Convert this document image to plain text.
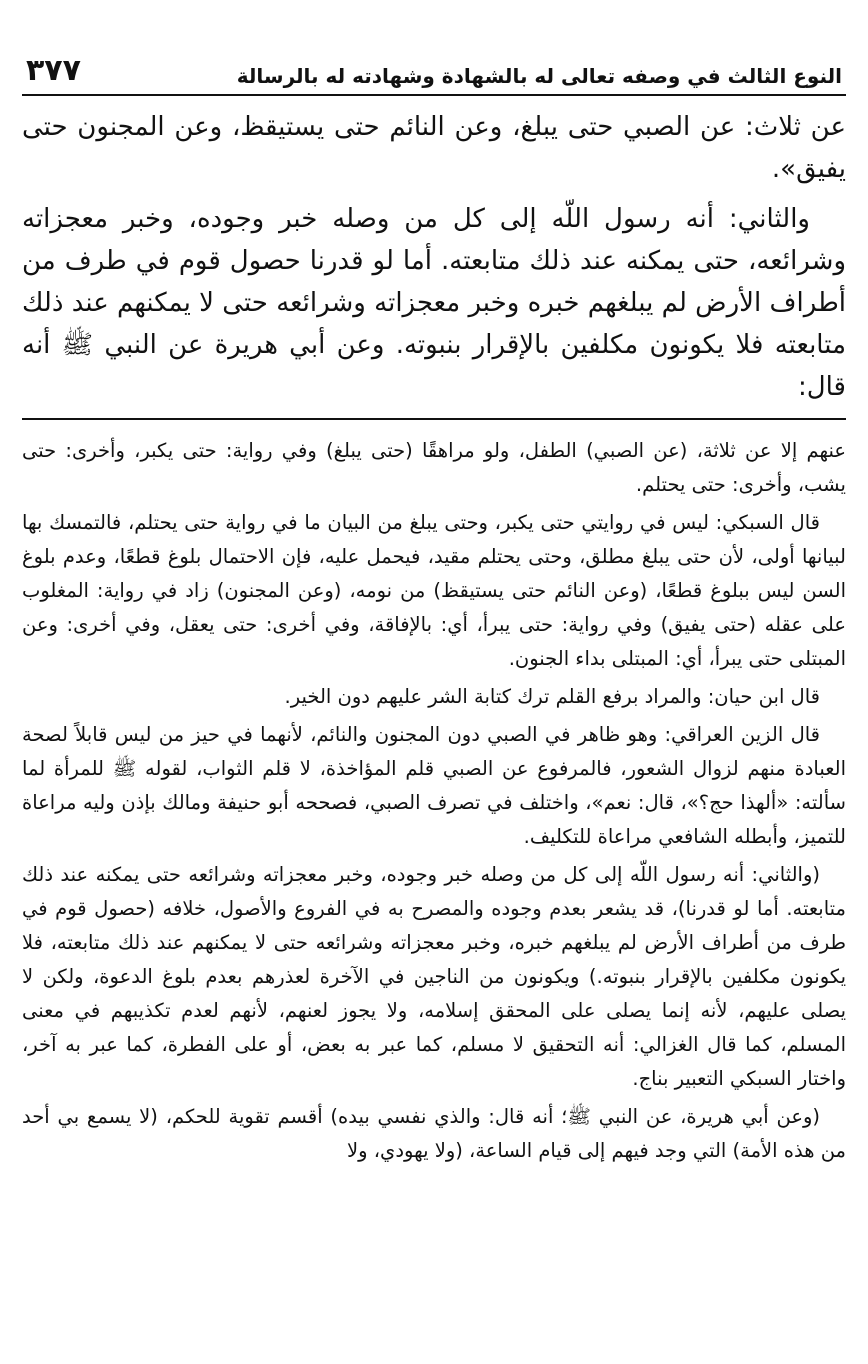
النوع الثالث في وصفه تعالى له بالشهادة وشهادته له بالرسالة
٣٧٧

عن ثلاث: عن الصبي حتى يبلغ، وعن النائم حتى يستيقظ، وعن المجنون حتى يفيق».

والثاني: أنه رسول اللّه إلى كل من وصله خبر وجوده، وخبر معجزاته وشرائعه، حتى يمكنه عند ذلك متابعته. أما لو قدرنا حصول قوم في طرف من أطراف الأرض لم يبلغهم خبره وخبر معجزاته وشرائعه حتى لا يمكنهم عند ذلك متابعته فلا يكونون مكلفين بالإقرار بنبوته. وعن أبي هريرة عن النبي ﷺ أنه قال:

عنهم إلا عن ثلاثة، (عن الصبي) الطفل، ولو مراهقًا (حتى يبلغ) وفي رواية: حتى يكبر، وأخرى: حتى يشب، وأخرى: حتى يحتلم.

قال السبكي: ليس في روايتي حتى يكبر، وحتى يبلغ من البيان ما في رواية حتى يحتلم، فالتمسك بها لبيانها أولى، لأن حتى يبلغ مطلق، وحتى يحتلم مقيد، فيحمل عليه، فإن الاحتمال بلوغ قطعًا، وعدم بلوغ السن ليس ببلوغ قطعًا، (وعن النائم حتى يستيقظ) من نومه، (وعن المجنون) زاد في رواية: المغلوب على عقله (حتى يفيق) وفي رواية: حتى يبرأ، أي: بالإفاقة، وفي أخرى: حتى يعقل، وفي أخرى: وعن المبتلى حتى يبرأ، أي: المبتلى بداء الجنون.

قال ابن حيان: والمراد برفع القلم ترك كتابة الشر عليهم دون الخير.

قال الزين العراقي: وهو ظاهر في الصبي دون المجنون والنائم، لأنهما في حيز من ليس قابلاً لصحة العبادة منهم لزوال الشعور، فالمرفوع عن الصبي قلم المؤاخذة، لا قلم الثواب، لقوله ﷺ للمرأة لما سألته: «ألهذا حج؟»، قال: نعم»، واختلف في تصرف الصبي، فصححه أبو حنيفة ومالك بإذن وليه مراعاة للتميز، وأبطله الشافعي مراعاة للتكليف.

(والثاني: أنه رسول اللّه إلى كل من وصله خبر وجوده، وخبر معجزاته وشرائعه حتى يمكنه عند ذلك متابعته. أما لو قدرنا)، قد يشعر بعدم وجوده والمصرح به في الفروع والأصول، خلافه (حصول قوم في طرف من أطراف الأرض لم يبلغهم خبره، وخبر معجزاته وشرائعه حتى لا يمكنهم عند ذلك متابعته، فلا يكونون مكلفين بالإقرار بنبوته.) ويكونون من الناجين في الآخرة لعذرهم بعدم بلوغ الدعوة، ولكن لا يصلى عليهم، لأنه إنما يصلى على المحقق إسلامه، ولا يجوز لعنهم، لأنهم لعدم تكذيبهم في معنى المسلم، كما قال الغزالي: أنه التحقيق لا مسلم، كما عبر به بعض، أو على الفطرة، كما عبر به آخر، واختار السبكي التعبير بناج.

(وعن أبي هريرة، عن النبي ﷺ؛ أنه قال: والذي نفسي بيده) أقسم تقوية للحكم، (لا يسمع بي أحد من هذه الأمة) التي وجد فيهم إلى قيام الساعة، (ولا يهودي، ولا
